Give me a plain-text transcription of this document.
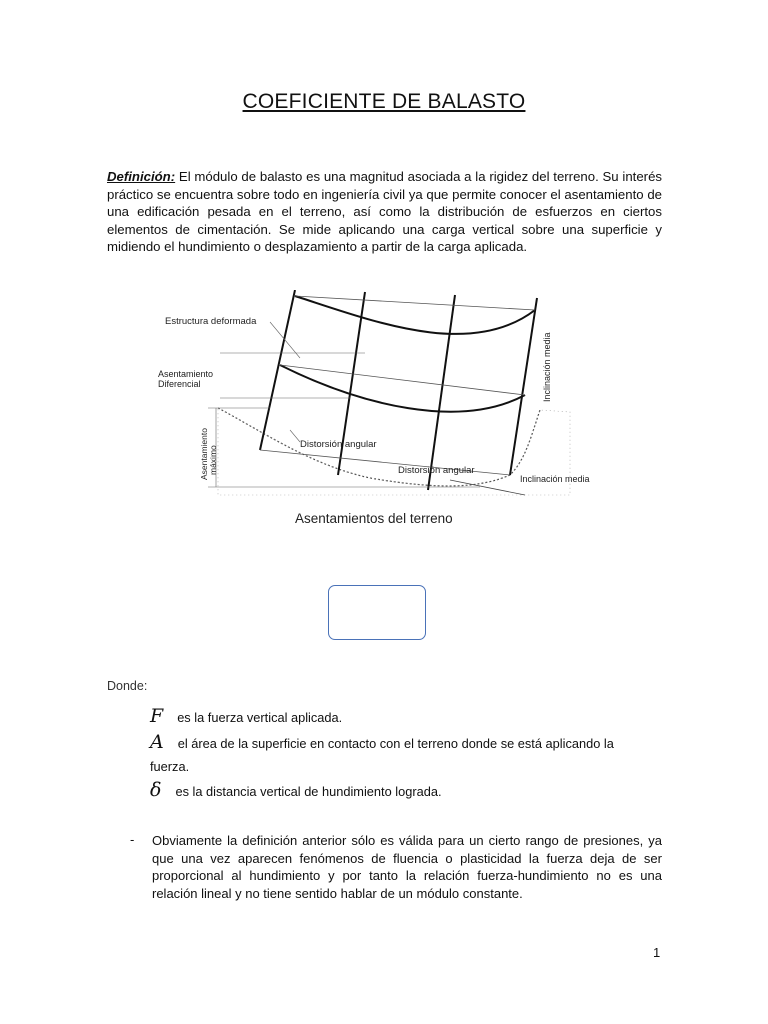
COEFICIENTE DE BALASTO
Definición: El módulo de balasto es una magnitud asociada a la rigidez del terreno. Su interés práctico se encuentra sobre todo en ingeniería civil ya que permite conocer el asentamiento de una edificación pesada en el terreno, así como la distribución de esfuerzos en ciertos elementos de cimentación. Se mide aplicando una carga vertical sobre una superficie y midiendo el hundimiento o desplazamiento a partir de la carga aplicada.
Estructura deformada
Asentamiento
Diferencial
Asentamiento máximo
Distorsión angular
Distorsión angular
Inclinación media
Inclinación media
Asentamientos del terreno
Donde:
F es la fuerza vertical aplicada.
A el área de la superficie en contacto con el terreno donde se está aplicando la
fuerza.
δ es la distancia vertical de hundimiento lograda.
- Obviamente la definición anterior sólo es válida para un cierto rango de presiones, ya que una vez aparecen fenómenos de fluencia o plasticidad la fuerza deja de ser proporcional al hundimiento y por tanto la relación fuerza-hundimiento no es una relación lineal y no tiene sentido hablar de un módulo constante.
1
